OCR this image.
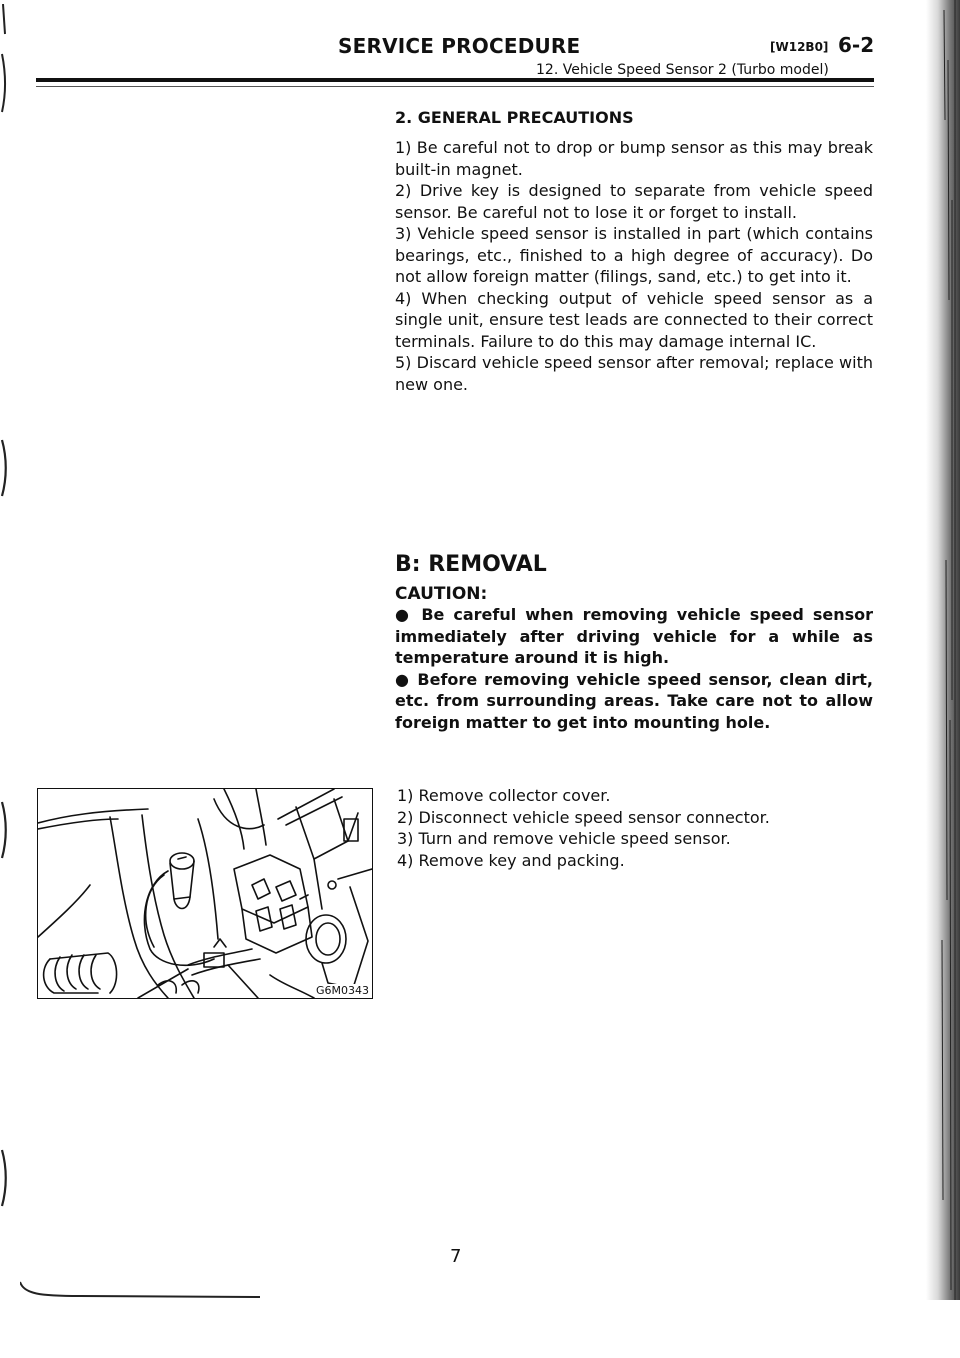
SERVICE PROCEDURE	[W12B0] 6-2
12. Vehicle Speed Sensor 2 (Turbo model)
2. GENERAL PRECAUTIONS

1) Be careful not to drop or bump sensor as this may break built-in magnet.

2) Drive key is designed to separate from vehicle speed sensor. Be careful not to lose it or forget to install.

3) Vehicle speed sensor is installed in part (which contains bearings, etc., finished to a high degree of accuracy). Do not allow foreign matter (filings, sand, etc.) to get into it.

4) When checking output of vehicle speed sensor as a single unit, ensure test leads are connected to their correct terminals. Failure to do this may damage internal IC.

5) Discard vehicle speed sensor after removal; replace with new one.

B: REMOVAL
CAUTION:

● Be careful when removing vehicle speed sensor immediately after driving vehicle for a while as temperature around it is high.

● Before removing vehicle speed sensor, clean dirt, etc. from surrounding areas. Take care not to allow foreign matter to get into mounting hole.

1) Remove collector cover.

2) Disconnect vehicle speed sensor connector.

3) Turn and remove vehicle speed sensor.

4) Remove key and packing.

G6M0343
7
